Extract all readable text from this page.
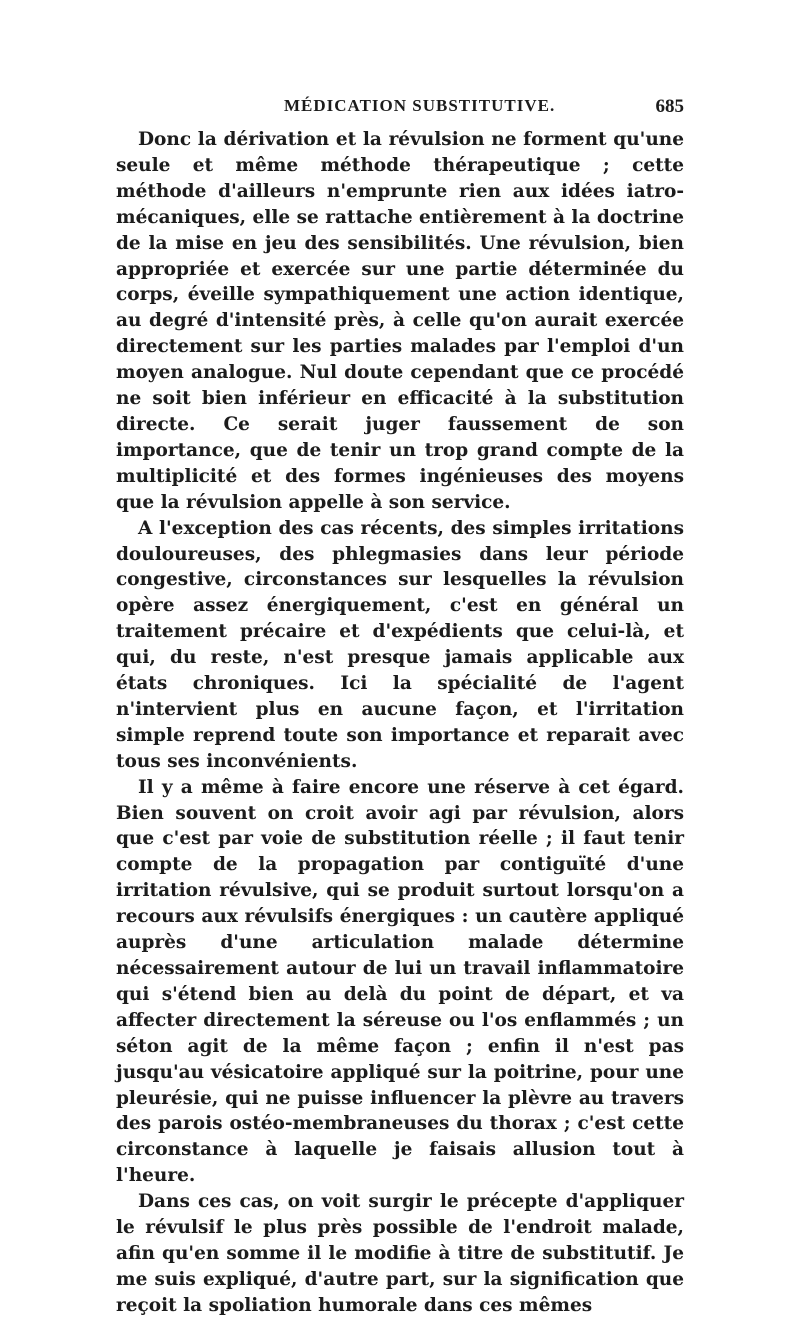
MÉDICATION SUBSTITUTIVE.	685

Donc la dérivation et la révulsion ne forment qu'une seule et même méthode thérapeutique ; cette méthode d'ailleurs n'emprunte rien aux idées iatro-mécaniques, elle se rattache entièrement à la doctrine de la mise en jeu des sensibilités. Une révulsion, bien appropriée et exercée sur une partie déterminée du corps, éveille sympathiquement une action identique, au degré d'intensité près, à celle qu'on aurait exercée directement sur les parties malades par l'emploi d'un moyen analogue. Nul doute cependant que ce procédé ne soit bien inférieur en efficacité à la substitution directe. Ce serait juger faussement de son importance, que de tenir un trop grand compte de la multiplicité et des formes ingénieuses des moyens que la révulsion appelle à son service.

A l'exception des cas récents, des simples irritations douloureuses, des phlegmasies dans leur période congestive, circonstances sur lesquelles la révulsion opère assez énergiquement, c'est en général un traitement précaire et d'expédients que celui-là, et qui, du reste, n'est presque jamais applicable aux états chroniques. Ici la spécialité de l'agent n'intervient plus en aucune façon, et l'irritation simple reprend toute son importance et reparait avec tous ses inconvénients.

Il y a même à faire encore une réserve à cet égard. Bien souvent on croit avoir agi par révulsion, alors que c'est par voie de substitution réelle ; il faut tenir compte de la propagation par contiguïté d'une irritation révulsive, qui se produit surtout lorsqu'on a recours aux révulsifs énergiques : un cautère appliqué auprès d'une articulation malade détermine nécessairement autour de lui un travail inflammatoire qui s'étend bien au delà du point de départ, et va affecter directement la séreuse ou l'os enflammés ; un séton agit de la même façon ; enfin il n'est pas jusqu'au vésicatoire appliqué sur la poitrine, pour une pleurésie, qui ne puisse influencer la plèvre au travers des parois ostéo-membraneuses du thorax ; c'est cette circonstance à laquelle je faisais allusion tout à l'heure.

Dans ces cas, on voit surgir le précepte d'appliquer le révulsif le plus près possible de l'endroit malade, afin qu'en somme il le modifie à titre de substitutif. Je me suis expliqué, d'autre part, sur la signification que reçoit la spoliation humorale dans ces mêmes
